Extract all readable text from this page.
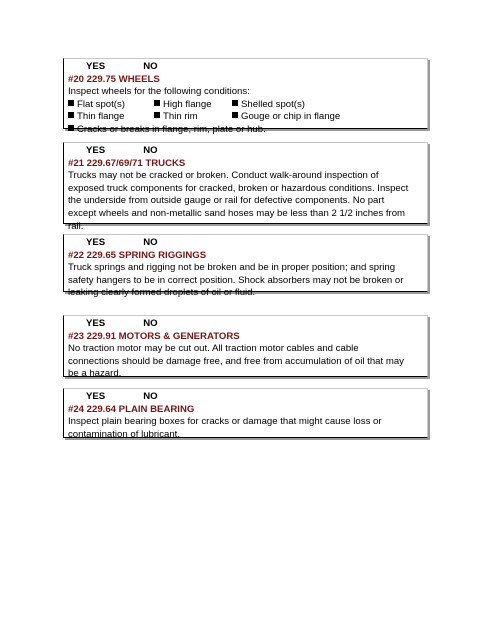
YES	NO
#20 229.75 WHEELS
Inspect wheels for the following conditions:
Flat spot(s)	High flange	Shelled spot(s)
Thin flange	Thin rim	Gouge or chip in flange
Cracks or breaks in flange, rim, plate or hub.
YES	NO
#21 229.67/69/71 TRUCKS
Trucks may not be cracked or broken. Conduct walk-around inspection of
exposed truck components for cracked, broken or hazardous conditions. Inspect
the underside from outside gauge or rail for defective components. No part
except wheels and non-metallic sand hoses may be less than 2 1/2 inches from
rail.
YES	NO
#22 229.65 SPRING RIGGINGS
Truck springs and rigging not be broken and be in proper position; and spring
safety hangers to be in correct position. Shock absorbers may not be broken or
leaking clearly formed droplets of oil or fluid.
YES	NO
#23 229.91 MOTORS & GENERATORS
No traction motor may be cut out. All traction motor cables and cable
connections should be damage free, and free from accumulation of oil that may
be a hazard.
YES	NO
#24 229.64 PLAIN BEARING
Inspect plain bearing boxes for cracks or damage that might cause loss or
contamination of lubricant.
